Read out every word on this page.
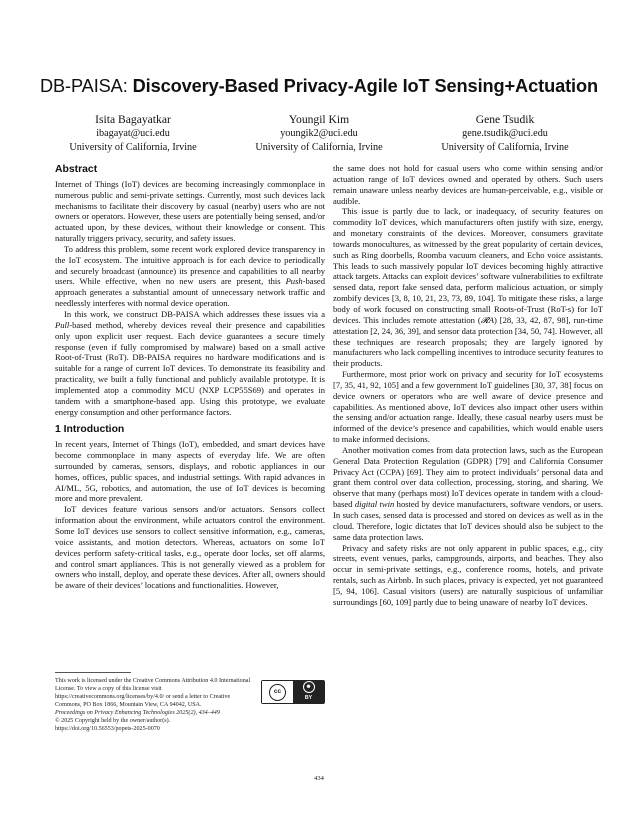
DB-PAISA: Discovery-Based Privacy-Agile IoT Sensing+Actuation
Isita Bagayatkar
ibagayat@uci.edu
University of California, Irvine
Youngil Kim
youngik2@uci.edu
University of California, Irvine
Gene Tsudik
gene.tsudik@uci.edu
University of California, Irvine
Abstract

Internet of Things (IoT) devices are becoming increasingly commonplace in numerous public and semi-private settings. Currently, most such devices lack mechanisms to facilitate their discovery by casual (nearby) users who are not owners or operators. However, these users are potentially being sensed, and/or actuated upon, by these devices, without their knowledge or consent. This naturally triggers privacy, security, and safety issues.

To address this problem, some recent work explored device transparency in the IoT ecosystem. The intuitive approach is for each device to periodically and securely broadcast (announce) its presence and capabilities to all nearby users. While effective, when no new users are present, this Push-based approach generates a substantial amount of unnecessary network traffic and needlessly interferes with normal device operation.

In this work, we construct DB-PAISA which addresses these issues via a Pull-based method, whereby devices reveal their presence and capabilities only upon explicit user request. Each device guarantees a secure timely response (even if fully compromised by malware) based on a small active Root-of-Trust (RoT). DB-PAISA requires no hardware modifications and is suitable for a range of current IoT devices. To demonstrate its feasibility and practicality, we built a fully functional and publicly available prototype. It is implemented atop a commodity MCU (NXP LCP55S69) and operates in tandem with a smartphone-based app. Using this prototype, we evaluate energy consumption and other performance factors.

1 Introduction

In recent years, Internet of Things (IoT), embedded, and smart devices have become commonplace in many aspects of everyday life. We are often surrounded by cameras, sensors, displays, and robotic appliances in our homes, offices, public spaces, and industrial settings. With rapid advances in AI/ML, 5G, robotics, and automation, the use of IoT devices is becoming more and more prevalent.

IoT devices feature various sensors and/or actuators. Sensors collect information about the environment, while actuators control the environment. Some IoT devices use sensors to collect sensitive information, e.g., cameras, voice assistants, and motion detectors. Whereas, actuators on some IoT devices perform safety-critical tasks, e.g., operate door locks, set off alarms, and control smart appliances. This is not generally viewed as a problem for owners who install, deploy, and operate these devices. After all, owners should be aware of their devices’ locations and functionalities. However,

the same does not hold for casual users who come within sensing and/or actuation range of IoT devices owned and operated by others. Such users remain unaware unless nearby devices are human-perceivable, e.g., visible or audible.

This issue is partly due to lack, or inadequacy, of security features on commodity IoT devices, which manufacturers often justify with size, energy, and monetary constraints of the devices. Moreover, consumers gravitate towards monocultures, as witnessed by the great popularity of certain devices, such as Ring doorbells, Roomba vacuum cleaners, and Echo voice assistants. This leads to such massively popular IoT devices becoming highly attractive attack targets. Attacks can exploit devices’ software vulnerabilities to exfiltrate sensed data, report fake sensed data, perform malicious actuation, or simply zombify devices [3, 8, 10, 21, 23, 73, 89, 104]. To mitigate these risks, a large body of work focused on constructing small Roots-of-Trust (RoT-s) for IoT devices. This includes remote attestation (𝓡A) [28, 33, 42, 87, 98], run-time attestation [2, 24, 36, 39], and sensor data protection [34, 50, 74]. However, all these techniques are research proposals; they are largely ignored by manufacturers who lack compelling incentives to introduce security features to their products.

Furthermore, most prior work on privacy and security for IoT ecosystems [7, 35, 41, 92, 105] and a few government IoT guidelines [30, 37, 38] focus on device owners or operators who are well aware of device presence and capabilities. As mentioned above, IoT devices also impact other users within the sensing and/or actuation range. Ideally, these casual nearby users must be informed of the device’s presence and capabilities, which would enable users to make informed decisions.

Another motivation comes from data protection laws, such as the European General Data Protection Regulation (GDPR) [79] and California Consumer Privacy Act (CCPA) [69]. They aim to protect individuals’ personal data and grant them control over data collection, processing, storing, and sharing. We observe that many (perhaps most) IoT devices operate in tandem with a cloud-based digital twin hosted by device manufacturers, software vendors, or users. In such cases, sensed data is processed and stored on devices as well as in the cloud. Therefore, logic dictates that IoT devices should also be subject to the same data protection laws.

Privacy and safety risks are not only apparent in public spaces, e.g., city streets, event venues, parks, campgrounds, airports, and beaches. They also occur in semi-private settings, e.g., conference rooms, hotels, and private rentals, such as Airbnb. In such places, privacy is expected, yet not guaranteed [5, 94, 106]. Casual visitors (users) are naturally suspicious of unfamiliar surroundings [60, 109] partly due to being unaware of nearby IoT devices.

This work is licensed under the Creative Commons Attribution 4.0 International License. To view a copy of this license visit https://creativecommons.org/licenses/by/4.0/ or send a letter to Creative Commons, PO Box 1866, Mountain View, CA 94042, USA.
cc
☻
BY
Proceedings on Privacy Enhancing Technologies 2025(2), 434–449
© 2025 Copyright held by the owner/author(s).
https://doi.org/10.56553/popets-2025-0070
434
